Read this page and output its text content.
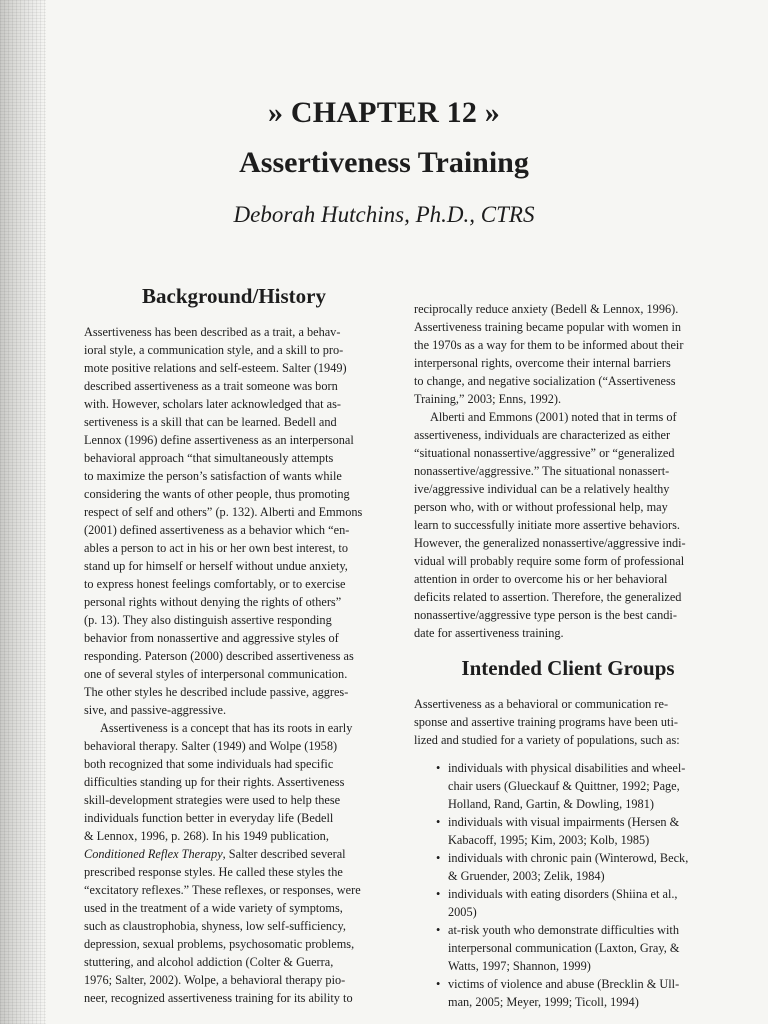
» CHAPTER 12 »
Assertiveness Training
Deborah Hutchins, Ph.D., CTRS
Background/History
Assertiveness has been described as a trait, a behav-
ioral style, a communication style, and a skill to pro-
mote positive relations and self-esteem. Salter (1949)
described assertiveness as a trait someone was born
with. However, scholars later acknowledged that as-
sertiveness is a skill that can be learned. Bedell and
Lennox (1996) define assertiveness as an interpersonal
behavioral approach “that simultaneously attempts
to maximize the person’s satisfaction of wants while
considering the wants of other people, thus promoting
respect of self and others” (p. 132). Alberti and Emmons
(2001) defined assertiveness as a behavior which “en-
ables a person to act in his or her own best interest, to
stand up for himself or herself without undue anxiety,
to express honest feelings comfortably, or to exercise
personal rights without denying the rights of others”
(p. 13). They also distinguish assertive responding
behavior from nonassertive and aggressive styles of
responding. Paterson (2000) described assertiveness as
one of several styles of interpersonal communication.
The other styles he described include passive, aggres-
sive, and passive-aggressive.
Assertiveness is a concept that has its roots in early
behavioral therapy. Salter (1949) and Wolpe (1958)
both recognized that some individuals had specific
difficulties standing up for their rights. Assertiveness
skill-development strategies were used to help these
individuals function better in everyday life (Bedell
& Lennox, 1996, p. 268). In his 1949 publication,
Conditioned Reflex Therapy, Salter described several
prescribed response styles. He called these styles the
“excitatory reflexes.” These reflexes, or responses, were
used in the treatment of a wide variety of symptoms,
such as claustrophobia, shyness, low self-sufficiency,
depression, sexual problems, psychosomatic problems,
stuttering, and alcohol addiction (Colter & Guerra,
1976; Salter, 2002). Wolpe, a behavioral therapy pio-
neer, recognized assertiveness training for its ability to
reciprocally reduce anxiety (Bedell & Lennox, 1996).
Assertiveness training became popular with women in
the 1970s as a way for them to be informed about their
interpersonal rights, overcome their internal barriers
to change, and negative socialization (“Assertiveness
Training,” 2003; Enns, 1992).
Alberti and Emmons (2001) noted that in terms of
assertiveness, individuals are characterized as either
“situational nonassertive/aggressive” or “generalized
nonassertive/aggressive.” The situational nonassert-
ive/aggressive individual can be a relatively healthy
person who, with or without professional help, may
learn to successfully initiate more assertive behaviors.
However, the generalized nonassertive/aggressive indi-
vidual will probably require some form of professional
attention in order to overcome his or her behavioral
deficits related to assertion. Therefore, the generalized
nonassertive/aggressive type person is the best candi-
date for assertiveness training.
Intended Client Groups
Assertiveness as a behavioral or communication re-
sponse and assertive training programs have been uti-
lized and studied for a variety of populations, such as:
• individuals with physical disabilities and wheel-
chair users (Glueckauf & Quittner, 1992; Page,
Holland, Rand, Gartin, & Dowling, 1981)
• individuals with visual impairments (Hersen &
Kabacoff, 1995; Kim, 2003; Kolb, 1985)
• individuals with chronic pain (Winterowd, Beck,
& Gruender, 2003; Zelik, 1984)
• individuals with eating disorders (Shiina et al.,
2005)
• at-risk youth who demonstrate difficulties with
interpersonal communication (Laxton, Gray, &
Watts, 1997; Shannon, 1999)
• victims of violence and abuse (Brecklin & Ull-
man, 2005; Meyer, 1999; Ticoll, 1994)
